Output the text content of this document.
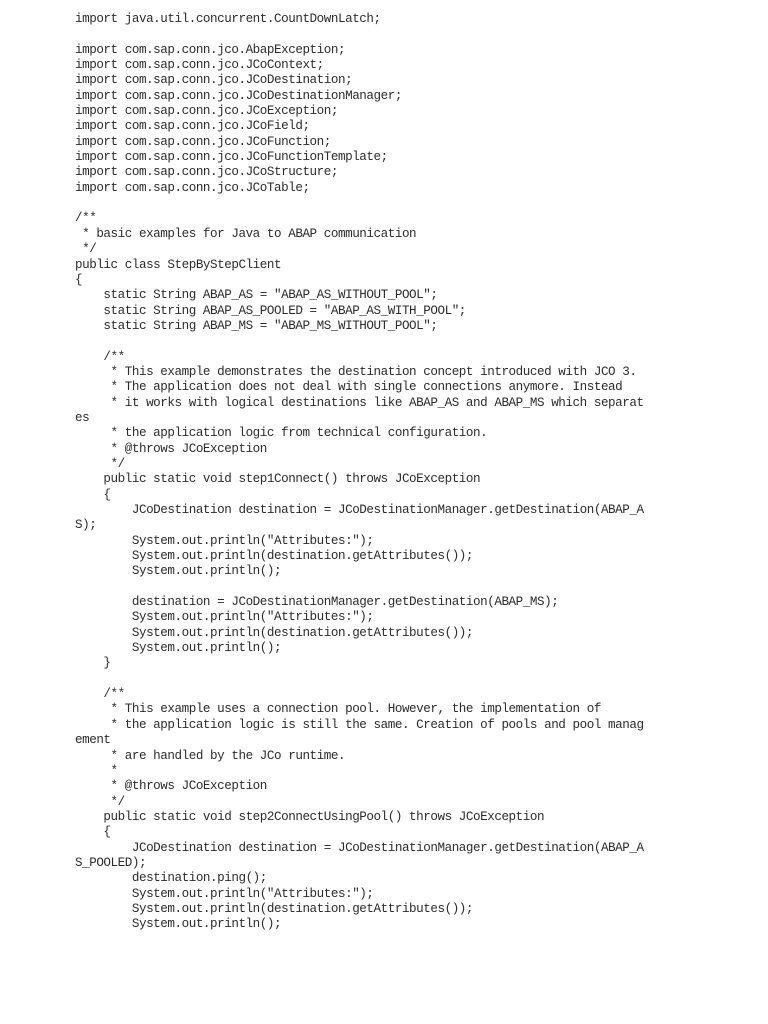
import java.util.concurrent.CountDownLatch;
import com.sap.conn.jco.AbapException;
import com.sap.conn.jco.JCoContext;
import com.sap.conn.jco.JCoDestination;
import com.sap.conn.jco.JCoDestinationManager;
import com.sap.conn.jco.JCoException;
import com.sap.conn.jco.JCoField;
import com.sap.conn.jco.JCoFunction;
import com.sap.conn.jco.JCoFunctionTemplate;
import com.sap.conn.jco.JCoStructure;
import com.sap.conn.jco.JCoTable;
/**
* basic examples for Java to ABAP communication
*/
public class StepByStepClient
{
static String ABAP_AS = "ABAP_AS_WITHOUT_POOL";
static String ABAP_AS_POOLED = "ABAP_AS_WITH_POOL";
static String ABAP_MS = "ABAP_MS_WITHOUT_POOL";
/**
* This example demonstrates the destination concept introduced with JCO 3.
* The application does not deal with single connections anymore. Instead
* it works with logical destinations like ABAP_AS and ABAP_MS which separat
es
* the application logic from technical configuration.
* @throws JCoException
*/
public static void step1Connect() throws JCoException
{
JCoDestination destination = JCoDestinationManager.getDestination(ABAP_A
S);
System.out.println("Attributes:");
System.out.println(destination.getAttributes());
System.out.println();
destination = JCoDestinationManager.getDestination(ABAP_MS);
System.out.println("Attributes:");
System.out.println(destination.getAttributes());
System.out.println();
}
/**
* This example uses a connection pool. However, the implementation of
* the application logic is still the same. Creation of pools and pool manag
ement
* are handled by the JCo runtime.
*
* @throws JCoException
*/
public static void step2ConnectUsingPool() throws JCoException
{
JCoDestination destination = JCoDestinationManager.getDestination(ABAP_A
S_POOLED);
destination.ping();
System.out.println("Attributes:");
System.out.println(destination.getAttributes());
System.out.println();
